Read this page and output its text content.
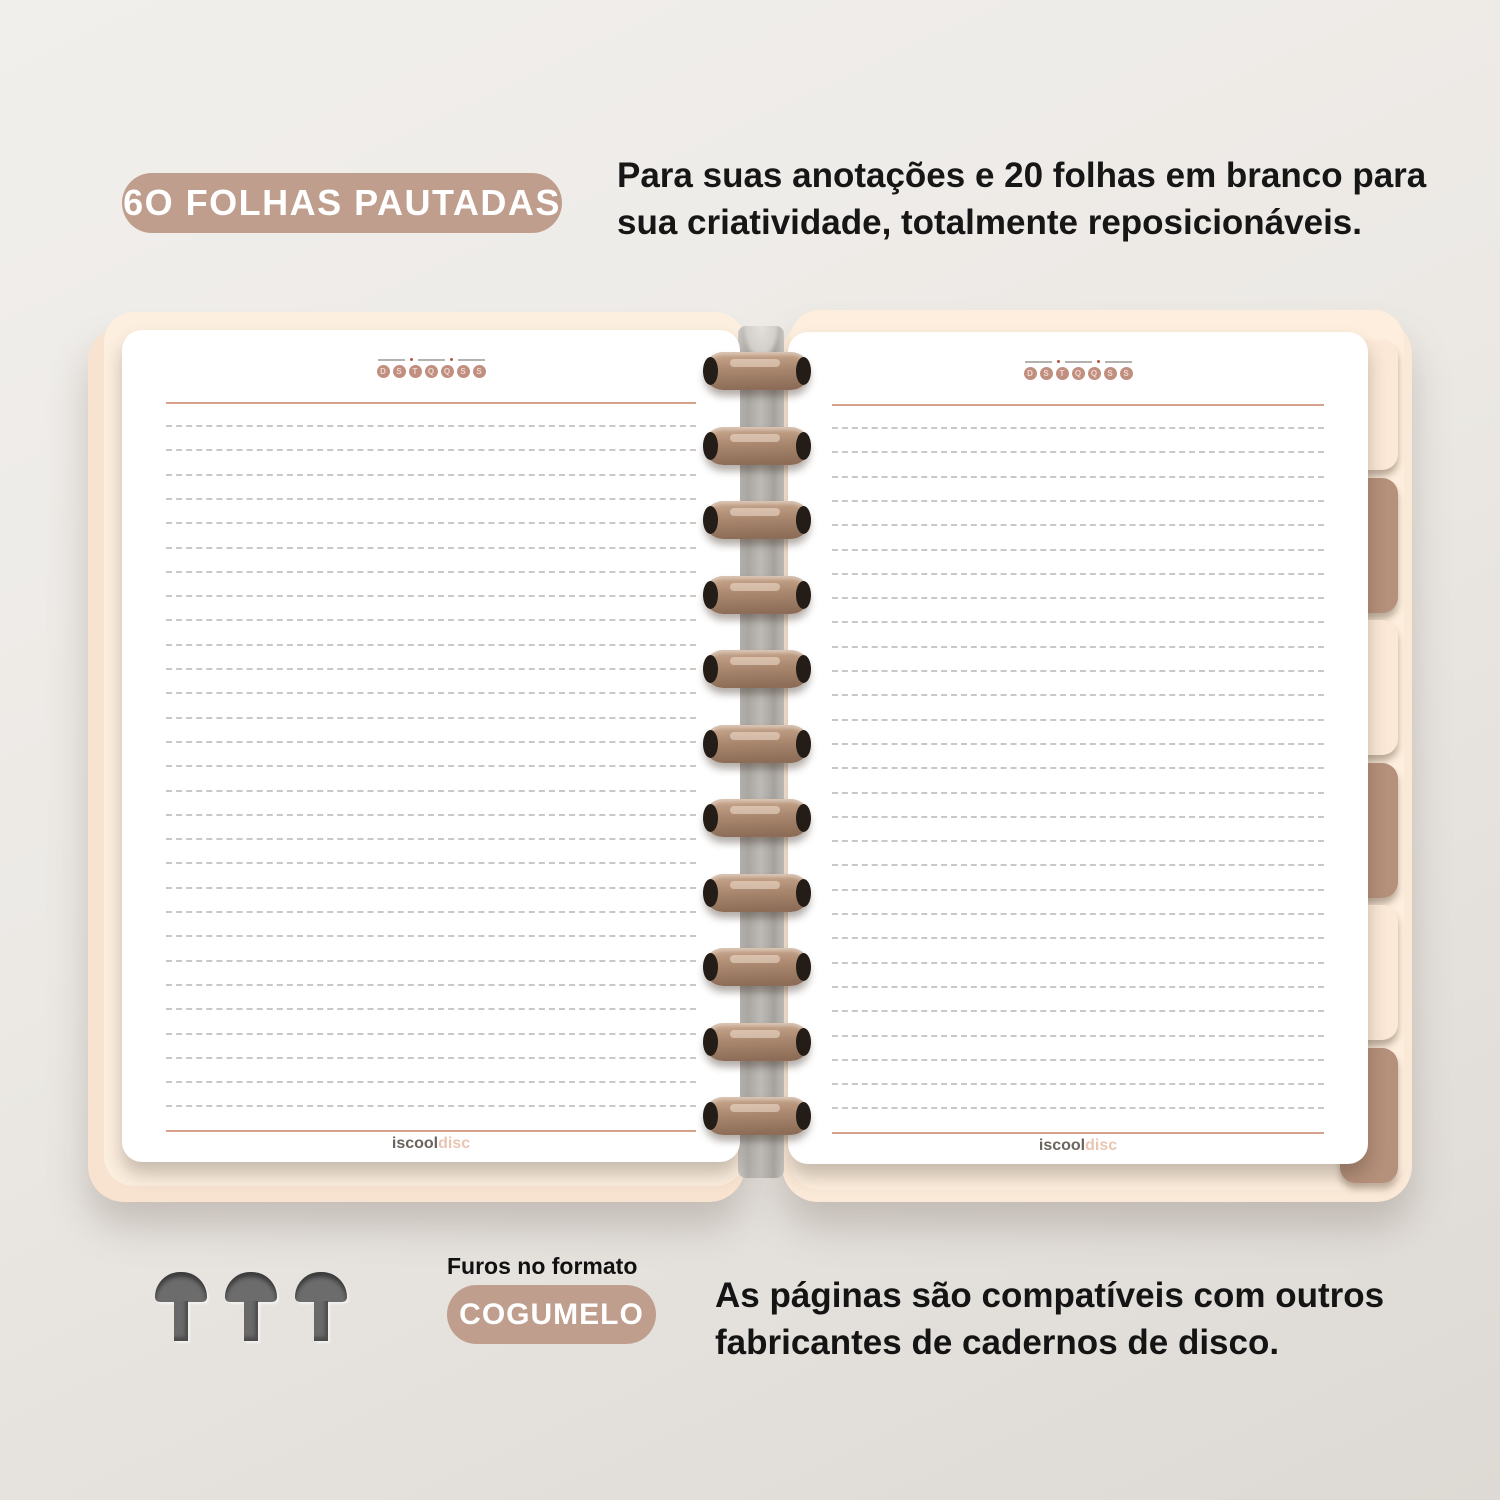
6O FOLHAS PAUTADAS
Para suas anotações e 20 folhas em branco para
sua criatividade, totalmente reposicionáveis.
D	S	T	Q	Q	S	S
iscooldisc
D	S	T	Q	Q	S	S
iscooldisc
Furos no formato
COGUMELO As páginas são compatíveis com outros
fabricantes de cadernos de disco.
